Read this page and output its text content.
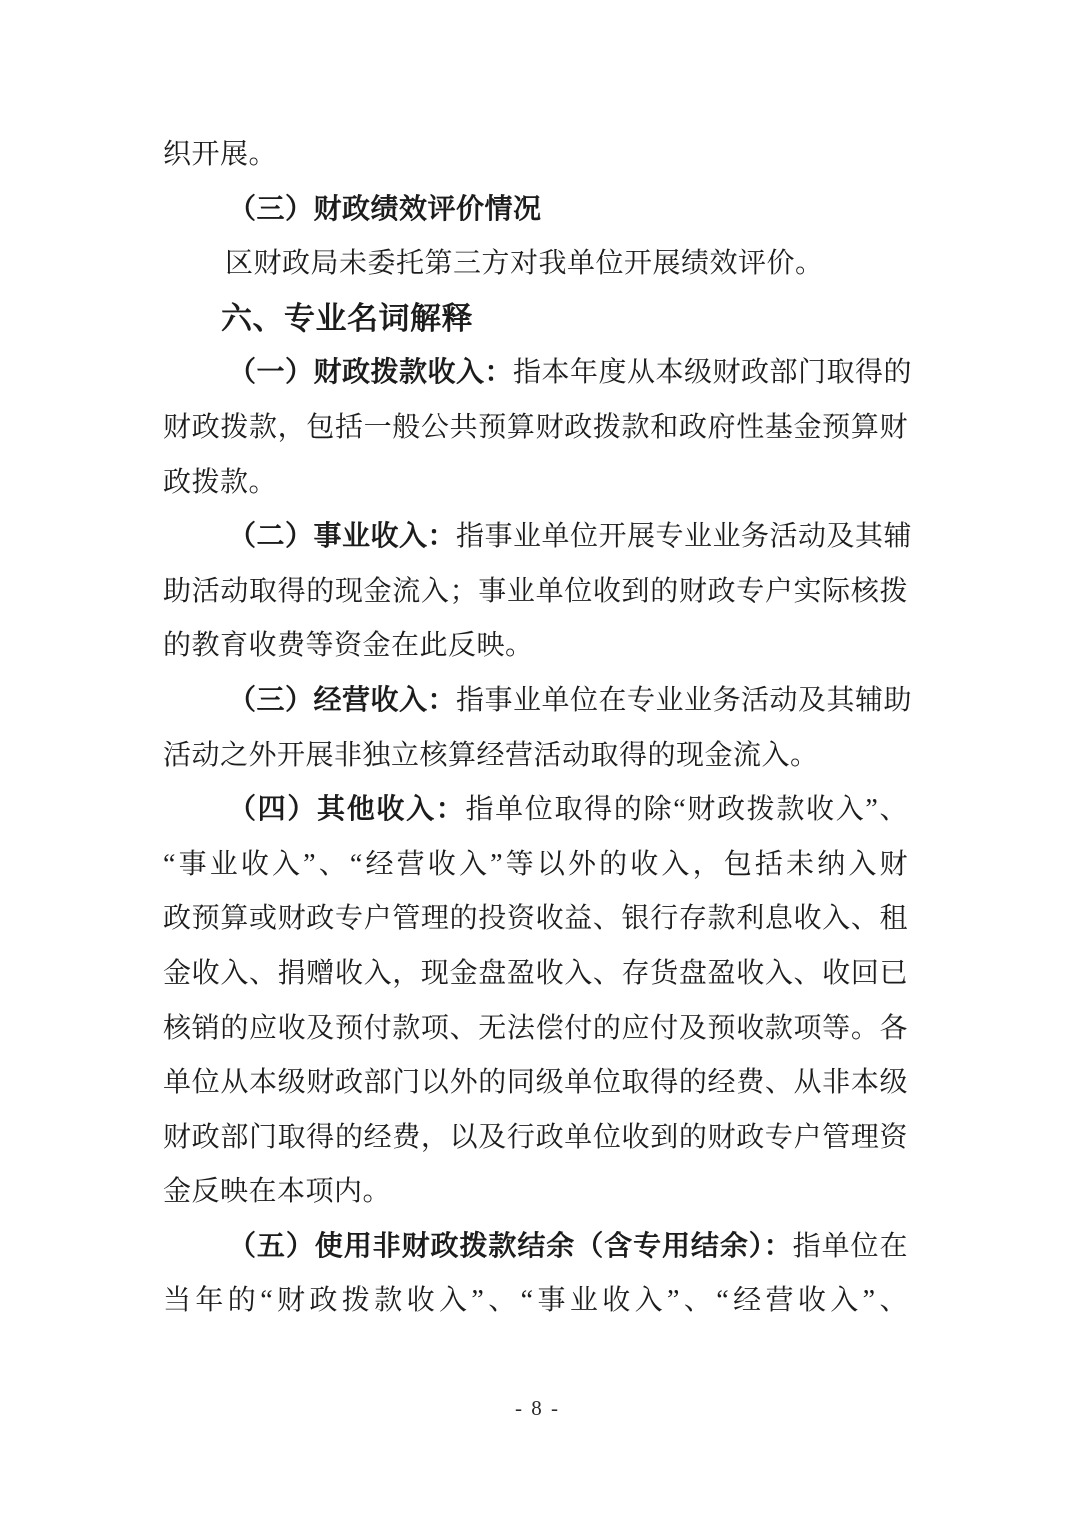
织开展。
（三）财政绩效评价情况
区财政局未委托第三方对我单位开展绩效评价。
六、专业名词解释
（一）财政拨款收入：指本年度从本级财政部门取得的
财政拨款，包括一般公共预算财政拨款和政府性基金预算财
政拨款。
（二）事业收入：指事业单位开展专业业务活动及其辅
助活动取得的现金流入；事业单位收到的财政专户实际核拨
的教育收费等资金在此反映。
（三）经营收入：指事业单位在专业业务活动及其辅助
活动之外开展非独立核算经营活动取得的现金流入。
（四）其他收入：指单位取得的除“财政拨款收入”、
“事业收入”、“经营收入”等以外的收入，包括未纳入财
政预算或财政专户管理的投资收益、银行存款利息收入、租
金收入、捐赠收入，现金盘盈收入、存货盘盈收入、收回已
核销的应收及预付款项、无法偿付的应付及预收款项等。各
单位从本级财政部门以外的同级单位取得的经费、从非本级
财政部门取得的经费，以及行政单位收到的财政专户管理资
金反映在本项内。
（五）使用非财政拨款结余（含专用结余）：指单位在
当年的“财政拨款收入”、“事业收入”、“经营收入”、
- 8 -
